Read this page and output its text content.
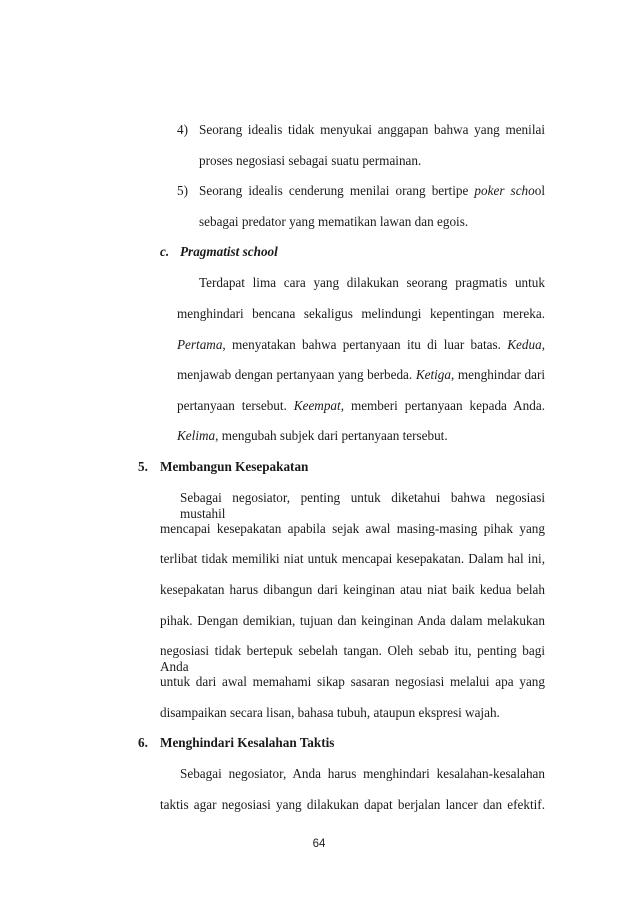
4) Seorang idealis tidak menyukai anggapan bahwa yang menilai
proses negosiasi sebagai suatu permainan.
5) Seorang idealis cenderung menilai orang bertipe poker school
sebagai predator yang mematikan lawan dan egois.
c. Pragmatist school
Terdapat lima cara yang dilakukan seorang pragmatis untuk
menghindari bencana sekaligus melindungi kepentingan mereka.
Pertama, menyatakan bahwa pertanyaan itu di luar batas. Kedua,
menjawab dengan pertanyaan yang berbeda. Ketiga, menghindar dari
pertanyaan tersebut. Keempat, memberi pertanyaan kepada Anda.
Kelima, mengubah subjek dari pertanyaan tersebut.
5. Membangun Kesepakatan
Sebagai negosiator, penting untuk diketahui bahwa negosiasi mustahil
mencapai kesepakatan apabila sejak awal masing-masing pihak yang
terlibat tidak memiliki niat untuk mencapai kesepakatan. Dalam hal ini,
kesepakatan harus dibangun dari keinginan atau niat baik kedua belah
pihak. Dengan demikian, tujuan dan keinginan Anda dalam melakukan
negosiasi tidak bertepuk sebelah tangan. Oleh sebab itu, penting bagi Anda
untuk dari awal memahami sikap sasaran negosiasi melalui apa yang
disampaikan secara lisan, bahasa tubuh, ataupun ekspresi wajah.
6. Menghindari Kesalahan Taktis
Sebagai negosiator, Anda harus menghindari kesalahan-kesalahan
taktis agar negosiasi yang dilakukan dapat berjalan lancer dan efektif.
64
